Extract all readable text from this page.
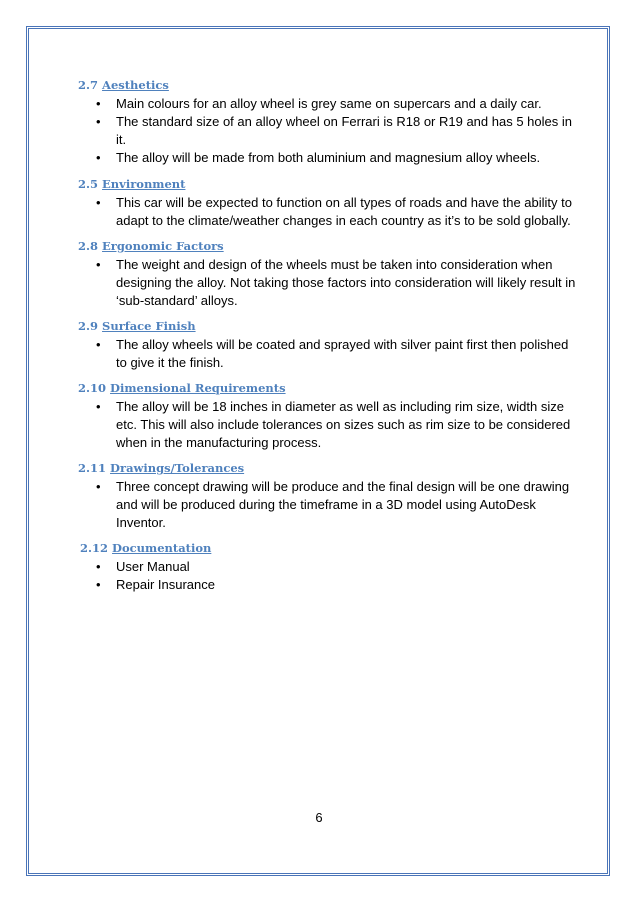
2.7 Aesthetics
• Main colours for an alloy wheel is grey same on supercars and a daily car.
• The standard size of an alloy wheel on Ferrari is R18 or R19 and has 5 holes in it.
• The alloy will be made from both aluminium and magnesium alloy wheels.
2.5 Environment
• This car will be expected to function on all types of roads and have the ability to adapt to the climate/weather changes in each country as it’s to be sold globally.
2.8 Ergonomic Factors
• The weight and design of the wheels must be taken into consideration when designing the alloy. Not taking those factors into consideration will likely result in ‘sub-standard’ alloys.
2.9 Surface Finish
• The alloy wheels will be coated and sprayed with silver paint first then polished to give it the finish.
2.10 Dimensional Requirements
• The alloy will be 18 inches in diameter as well as including rim size, width size etc. This will also include tolerances on sizes such as rim size to be considered when in the manufacturing process.
2.11 Drawings/Tolerances
• Three concept drawing will be produce and the final design will be one drawing and will be produced during the timeframe in a 3D model using AutoDesk Inventor.
2.12 Documentation
• User Manual
• Repair Insurance
6
